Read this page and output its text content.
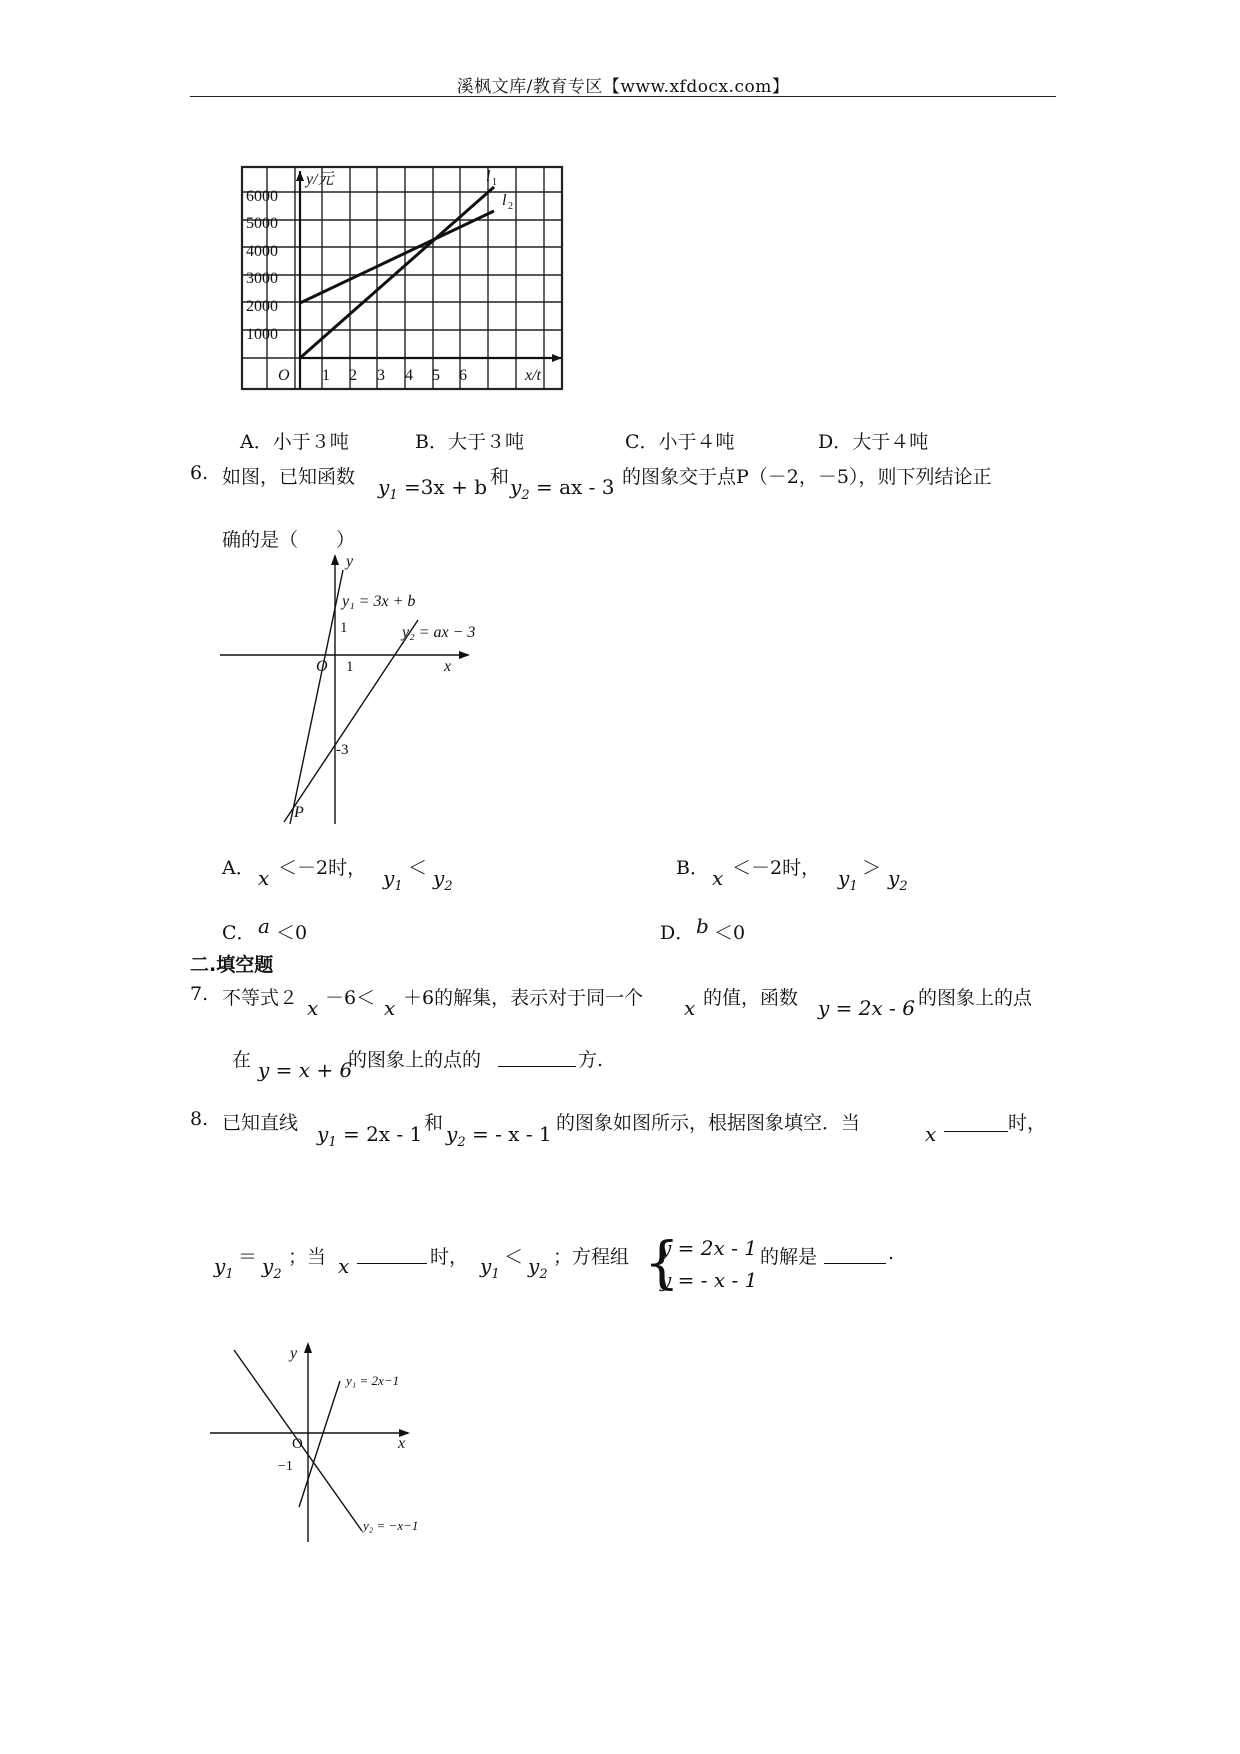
溪枫文库/教育专区【www.xfdocx.com】
y/元
6000
5000
4000
3000
2000
1000
O 1 2 3 4 5 6	x/t
l 1
l 2
A．小于３吨	B．大于３吨	C．小于４吨	D．大于４吨
6. 如图，已知函数 $y_1 =3x + b$ 和 $y_2$ = ax - 3 的图象交于点P（－2，－5），则下列结论正
确的是（　　）
y
x
O
y₁ = 3x + b
y₂ = ax − 3
P
1
1
-3
A． x ＜－2时， $y_1$
＜ $y_2$
B． x ＜－2时， $y_1$
＞ $y_2$
C． a ＜0	D． b ＜0
二.填空题
7. 不等式２ x －6＜ x ＋6的解集，表示对于同一个 x 的值，函数 y = 2x - 6 的图象上的点
在 y = x + 6
的图象上的点的	方.
8. 已知直线 $y_1 = 2x - 1$ 和 $y_2$ = - x - 1 的图象如图所示，根据图象填空．当	x	时，
$y_1$
＝ $y_2$
；当 x	时， $y_1$
＜ $y_2$
；方程组 {
y = 2x - 1
y = - x - 1
的解是	.
y
x
O
−1
y₁ = 2x−1
y₂ = −x−1
